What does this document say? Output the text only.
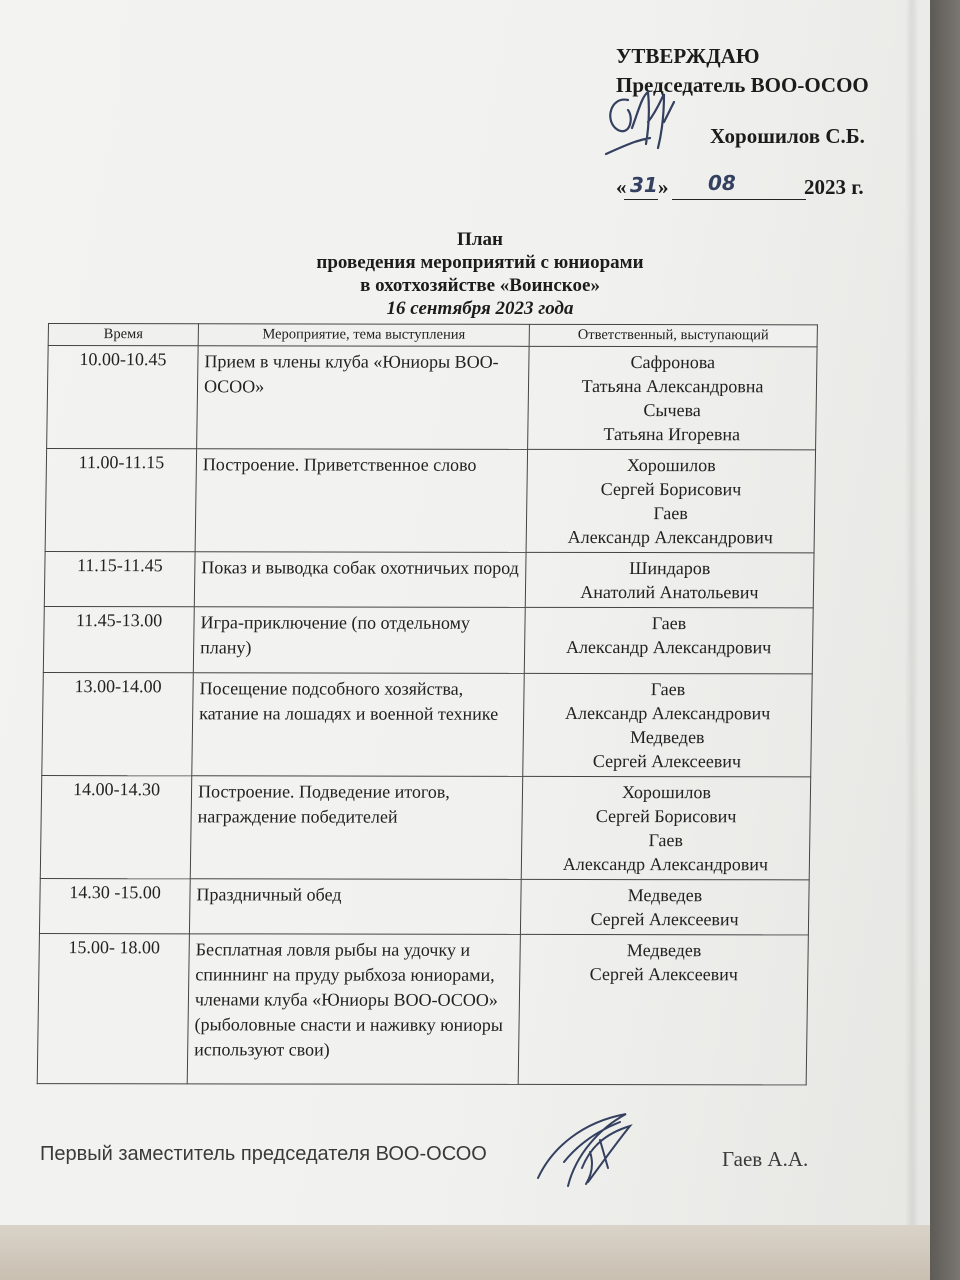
УТВЕРЖДАЮ
Председатель ВОО-ОСОО
Хорошилов С.Б.
« 31 » 08	2023 г.
План
проведения мероприятий с юниорами
в охотхозяйстве «Воинское»
16 сентября 2023 года
Время	Мероприятие, тема выступления	Ответственный, выступающий
10.00-10.45	Прием в члены клуба «Юниоры ВОО-ОСОО»	Сафронова
Татьяна Александровна
Сычева
Татьяна Игоревна

11.00-11.15	Построение. Приветственное слово	Хорошилов
Сергей Борисович
Гаев
Александр Александрович

11.15-11.45	Показ и выводка собак охотничьих пород	Шиндаров
Анатолий Анатольевич

11.45-13.00	Игра-приключение (по отдельному плану)	Гаев
Александр Александрович

13.00-14.00	Посещение подсобного хозяйства, катание на лошадях и военной технике	Гаев
Александр Александрович
Медведев
Сергей Алексеевич

14.00-14.30	Построение. Подведение итогов, награждение победителей	Хорошилов
Сергей Борисович
Гаев
Александр Александрович

14.30 -15.00	Праздничный обед	Медведев
Сергей Алексеевич

15.00- 18.00	Бесплатная ловля рыбы на удочку и спиннинг на пруду рыбхоза юниорами, членами клуба «Юниоры ВОО-ОСОО» (рыболовные снасти и наживку юниоры используют свои)	Медведев
Сергей Алексеевич
Первый заместитель председателя ВОО-ОСОО	Гаев А.А.
